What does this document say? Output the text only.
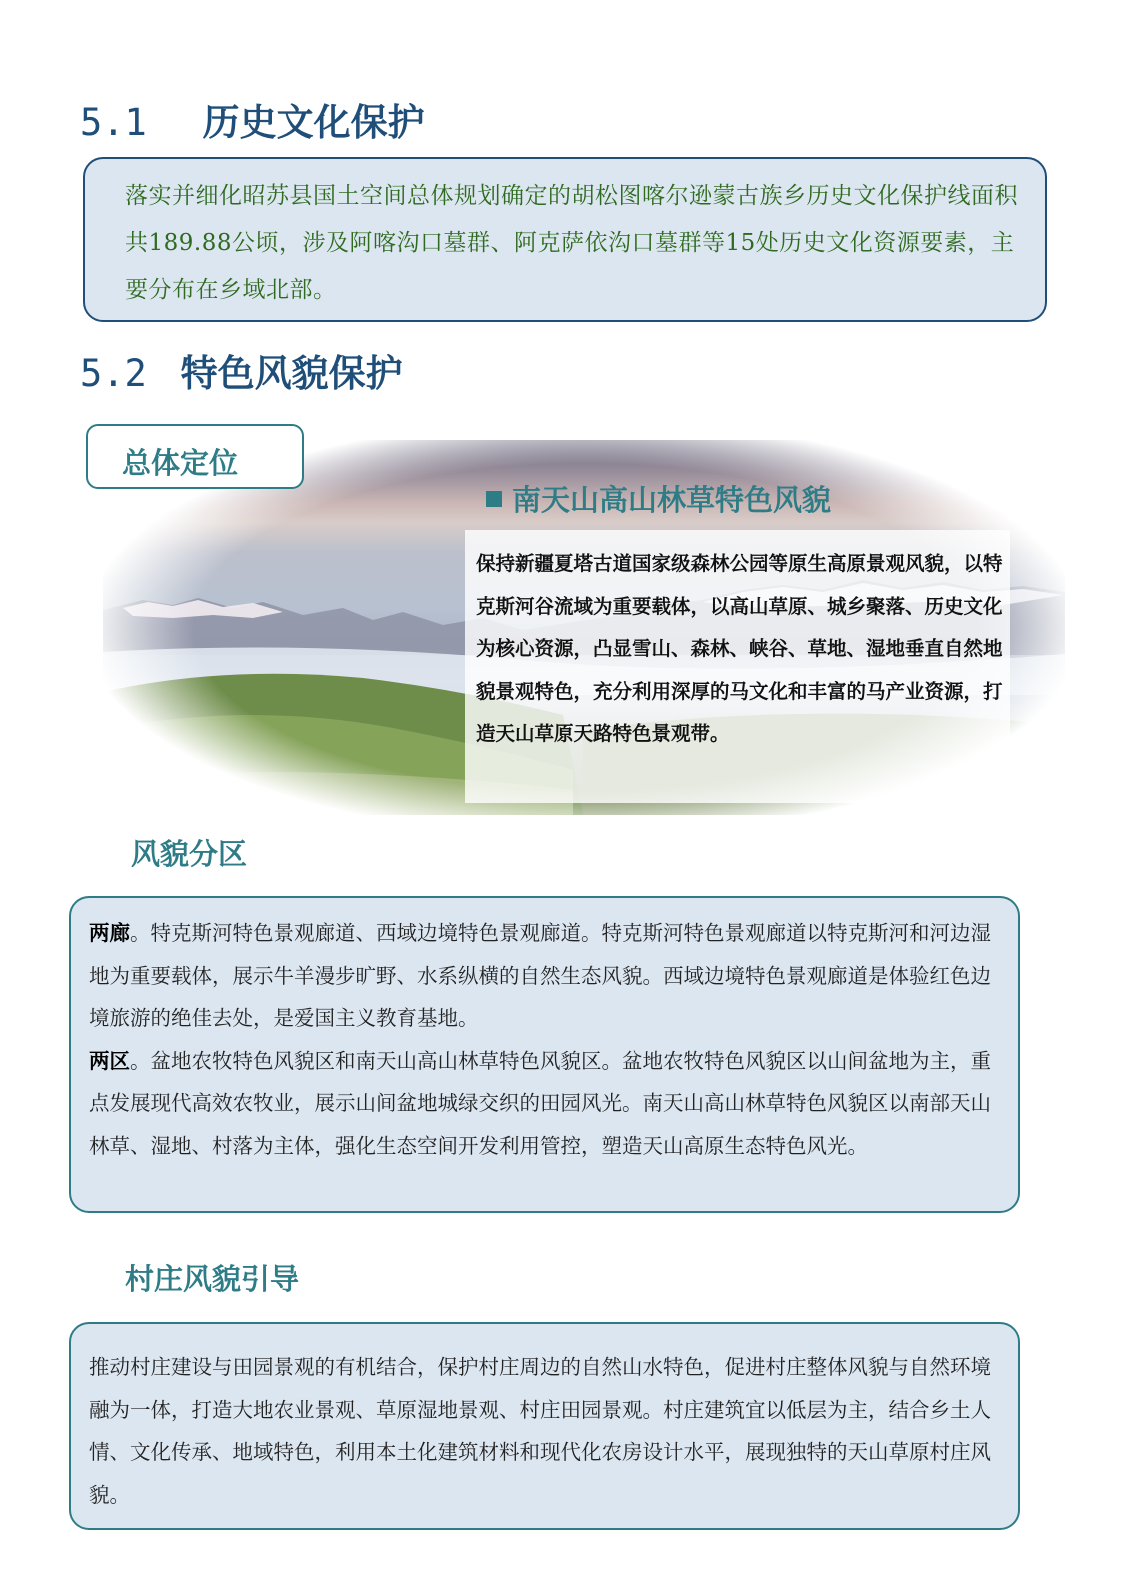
5.1 历史文化保护
落实并细化昭苏县国土空间总体规划确定的胡松图喀尔逊蒙古族乡历史文化保护线面积共189.88公顷，涉及阿喀沟口墓群、阿克萨依沟口墓群等15处历史文化资源要素，主要分布在乡域北部。
5.2 特色风貌保护
总体定位
南天山高山林草特色风貌
保持新疆夏塔古道国家级森林公园等原生高原景观风貌，以特克斯河谷流域为重要载体，以高山草原、城乡聚落、历史文化为核心资源，凸显雪山、森林、峡谷、草地、湿地垂直自然地貌景观特色，充分利用深厚的马文化和丰富的马产业资源，打造天山草原天路特色景观带。
风貌分区
两廊。特克斯河特色景观廊道、西域边境特色景观廊道。特克斯河特色景观廊道以特克斯河和河边湿地为重要载体，展示牛羊漫步旷野、水系纵横的自然生态风貌。西域边境特色景观廊道是体验红色边境旅游的绝佳去处，是爱国主义教育基地。
两区。盆地农牧特色风貌区和南天山高山林草特色风貌区。盆地农牧特色风貌区以山间盆地为主，重点发展现代高效农牧业，展示山间盆地城绿交织的田园风光。南天山高山林草特色风貌区以南部天山林草、湿地、村落为主体，强化生态空间开发利用管控，塑造天山高原生态特色风光。
村庄风貌引导
推动村庄建设与田园景观的有机结合，保护村庄周边的自然山水特色，促进村庄整体风貌与自然环境融为一体，打造大地农业景观、草原湿地景观、村庄田园景观。村庄建筑宜以低层为主，结合乡土人情、文化传承、地域特色，利用本土化建筑材料和现代化农房设计水平，展现独特的天山草原村庄风貌。
